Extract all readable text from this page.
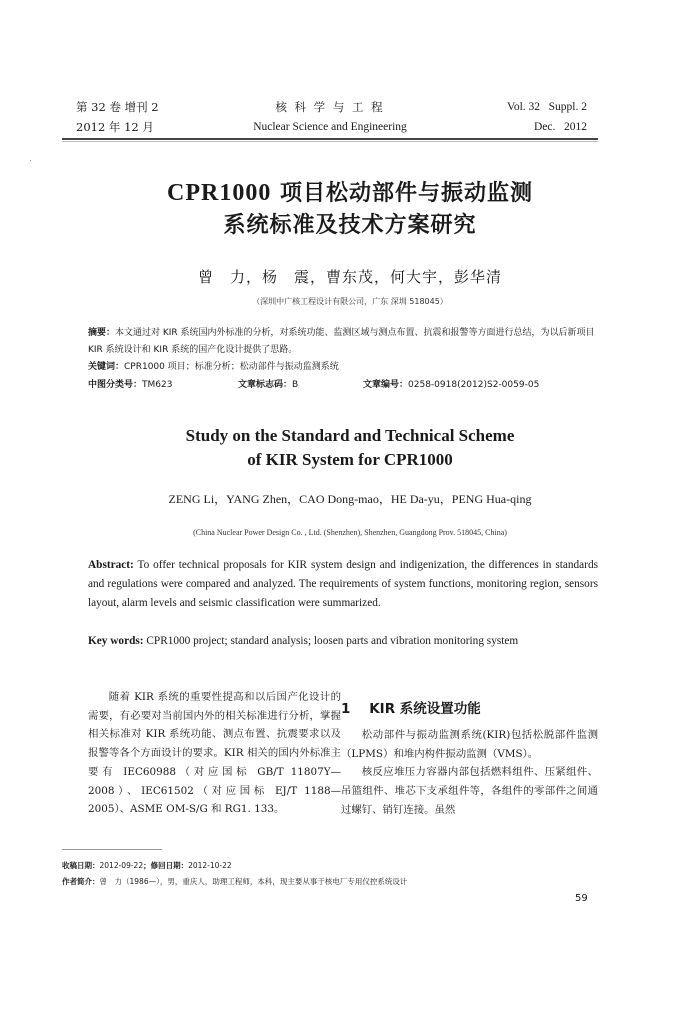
第 32 卷 增刊 2
2012 年 12 月
核 科 学 与 工 程
Nuclear Science and Engineering
Vol. 32   Suppl. 2
Dec.   2012
CPR1000 项目松动部件与振动监测
系统标准及技术方案研究
曾　力，杨　震，曹东茂，何大宇，彭华清
（深圳中广核工程设计有限公司，广东 深圳 518045）
摘要：本文通过对 KIR 系统国内外标准的分析，对系统功能、监测区域与测点布置、抗震和报警等方面进行总结，为以后新项目 KIR 系统设计和 KIR 系统的国产化设计提供了思路。
关键词：CPR1000 项目；标准分析；松动部件与振动监测系统
中图分类号：TM623	文章标志码：B	文章编号：0258-0918(2012)S2-0059-05
Study on the Standard and Technical Scheme
of KIR System for CPR1000
ZENG Li，YANG Zhen，CAO Dong-mao，HE Da-yu，PENG Hua-qing
(China Nuclear Power Design Co. , Ltd. (Shenzhen), Shenzhen, Guangdong Prov. 518045, China)
Abstract: To offer technical proposals for KIR system design and indigenization, the differences in standards and regulations were compared and analyzed. The requirements of system functions, monitoring region, sensors layout, alarm levels and seismic classification were summarized.
Key words: CPR1000 project; standard analysis; loosen parts and vibration monitoring system

随着 KIR 系统的重要性提高和以后国产化设计的需要，有必要对当前国内外的相关标准进行分析，掌握相关标准对 KIR 系统功能、测点布置、抗震要求以及报警等各个方面设计的要求。KIR 相关的国内外标准主要有 IEC60988（对应国标 GB/T 11807Y—2008）、IEC61502（对应国标 EJ/T 1188—2005）、ASME OM-S/G 和 RG1. 133。

1 KIR 系统设置功能

松动部件与振动监测系统(KIR)包括松脱部件监测（LPMS）和堆内构件振动监测（VMS）。

核反应堆压力容器内部包括燃料组件、压紧组件、吊篮组件、堆芯下支承组件等，各组件的零部件之间通过螺钉、销钉连接。虽然

收稿日期：2012-09-22；修回日期：2012-10-22
作者简介：曾　力（1986—），男，重庆人，助理工程师，本科，现主要从事于核电厂专用仪控系统设计
59
